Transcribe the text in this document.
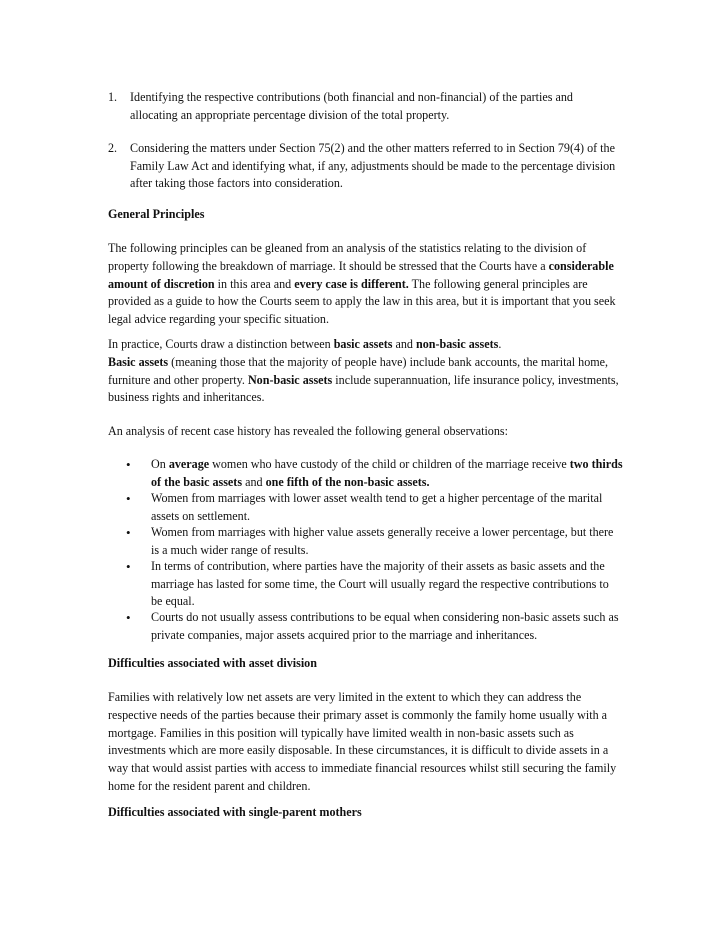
1. Identifying the respective contributions (both financial and non-financial) of the parties and allocating an appropriate percentage division of the total property.
2. Considering the matters under Section 75(2) and the other matters referred to in Section 79(4) of the Family Law Act and identifying what, if any, adjustments should be made to the percentage division after taking those factors into consideration.
General Principles
The following principles can be gleaned from an analysis of the statistics relating to the division of property following the breakdown of marriage. It should be stressed that the Courts have a considerable amount of discretion in this area and every case is different. The following general principles are provided as a guide to how the Courts seem to apply the law in this area, but it is important that you seek legal advice regarding your specific situation.
In practice, Courts draw a distinction between basic assets and non-basic assets.
Basic assets (meaning those that the majority of people have) include bank accounts, the marital home, furniture and other property. Non-basic assets include superannuation, life insurance policy, investments, business rights and inheritances.
An analysis of recent case history has revealed the following general observations:
• On average women who have custody of the child or children of the marriage receive two thirds of the basic assets and one fifth of the non-basic assets.
• Women from marriages with lower asset wealth tend to get a higher percentage of the marital assets on settlement.
• Women from marriages with higher value assets generally receive a lower percentage, but there is a much wider range of results.
• In terms of contribution, where parties have the majority of their assets as basic assets and the marriage has lasted for some time, the Court will usually regard the respective contributions to be equal.
• Courts do not usually assess contributions to be equal when considering non-basic assets such as private companies, major assets acquired prior to the marriage and inheritances.
Difficulties associated with asset division
Families with relatively low net assets are very limited in the extent to which they can address the respective needs of the parties because their primary asset is commonly the family home usually with a mortgage. Families in this position will typically have limited wealth in non-basic assets such as investments which are more easily disposable. In these circumstances, it is difficult to divide assets in a way that would assist parties with access to immediate financial resources whilst still securing the family home for the resident parent and children.
Difficulties associated with single-parent mothers
